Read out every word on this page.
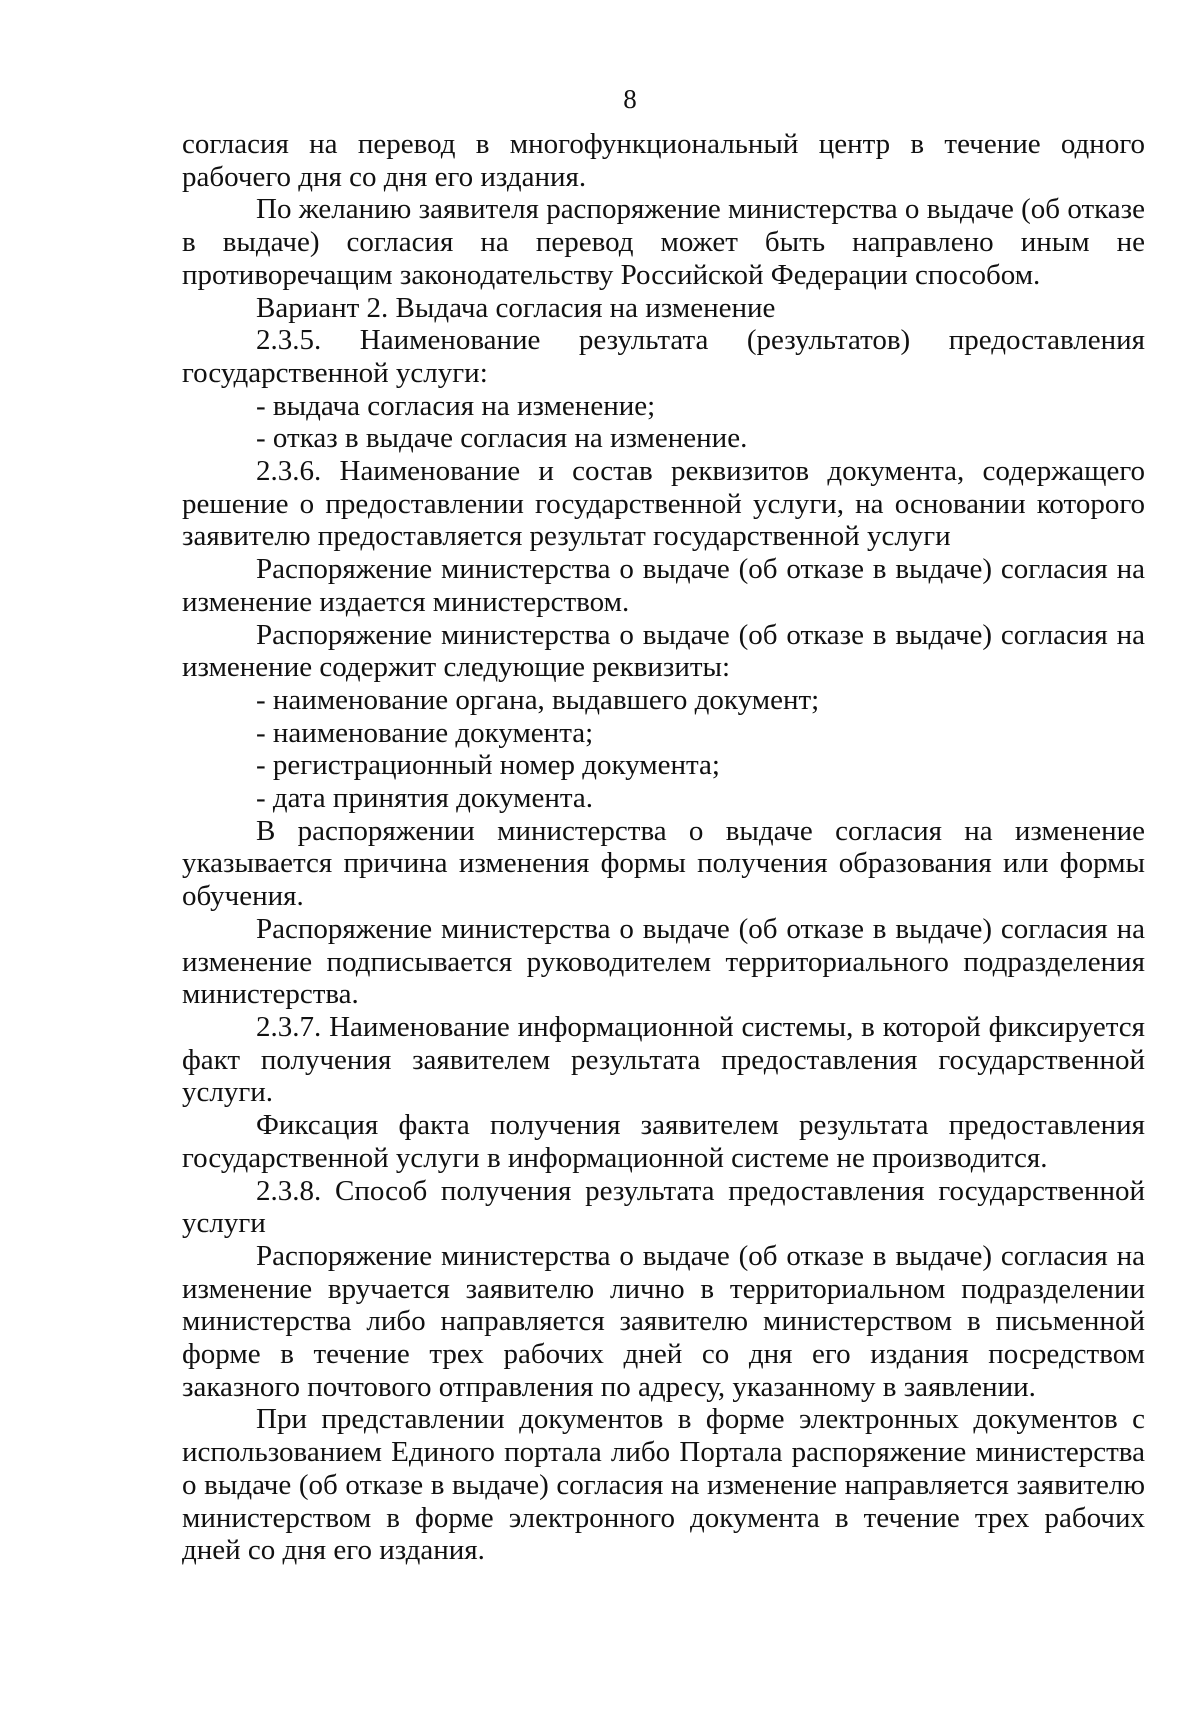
8

согласия на перевод в многофункциональный центр в течение одного рабочего дня со дня его издания.

По желанию заявителя распоряжение министерства о выдаче (об отказе в выдаче) согласия на перевод может быть направлено иным не противоречащим законодательству Российской Федерации способом.

Вариант 2. Выдача согласия на изменение

2.3.5. Наименование результата (результатов) предоставления государственной услуги:

- выдача согласия на изменение;

- отказ в выдаче согласия на изменение.

2.3.6. Наименование и состав реквизитов документа, содержащего решение о предоставлении государственной услуги, на основании которого заявителю предоставляется результат государственной услуги

Распоряжение министерства о выдаче (об отказе в выдаче) согласия на изменение издается министерством.

Распоряжение министерства о выдаче (об отказе в выдаче) согласия на изменение содержит следующие реквизиты:

- наименование органа, выдавшего документ;

- наименование документа;

- регистрационный номер документа;

- дата принятия документа.

В распоряжении министерства о выдаче согласия на изменение указывается причина изменения формы получения образования или формы обучения.

Распоряжение министерства о выдаче (об отказе в выдаче) согласия на изменение подписывается руководителем территориального подразделения министерства.

2.3.7. Наименование информационной системы, в которой фиксируется факт получения заявителем результата предоставления государственной услуги.

Фиксация факта получения заявителем результата предоставления государственной услуги в информационной системе не производится.

2.3.8. Способ получения результата предоставления государственной услуги

Распоряжение министерства о выдаче (об отказе в выдаче) согласия на изменение вручается заявителю лично в территориальном подразделении министерства либо направляется заявителю министерством в письменной форме в течение трех рабочих дней со дня его издания посредством заказного почтового отправления по адресу, указанному в заявлении.

При представлении документов в форме электронных документов с использованием Единого портала либо Портала распоряжение министерства о выдаче (об отказе в выдаче) согласия на изменение направляется заявителю министерством в форме электронного документа в течение трех рабочих дней со дня его издания.
